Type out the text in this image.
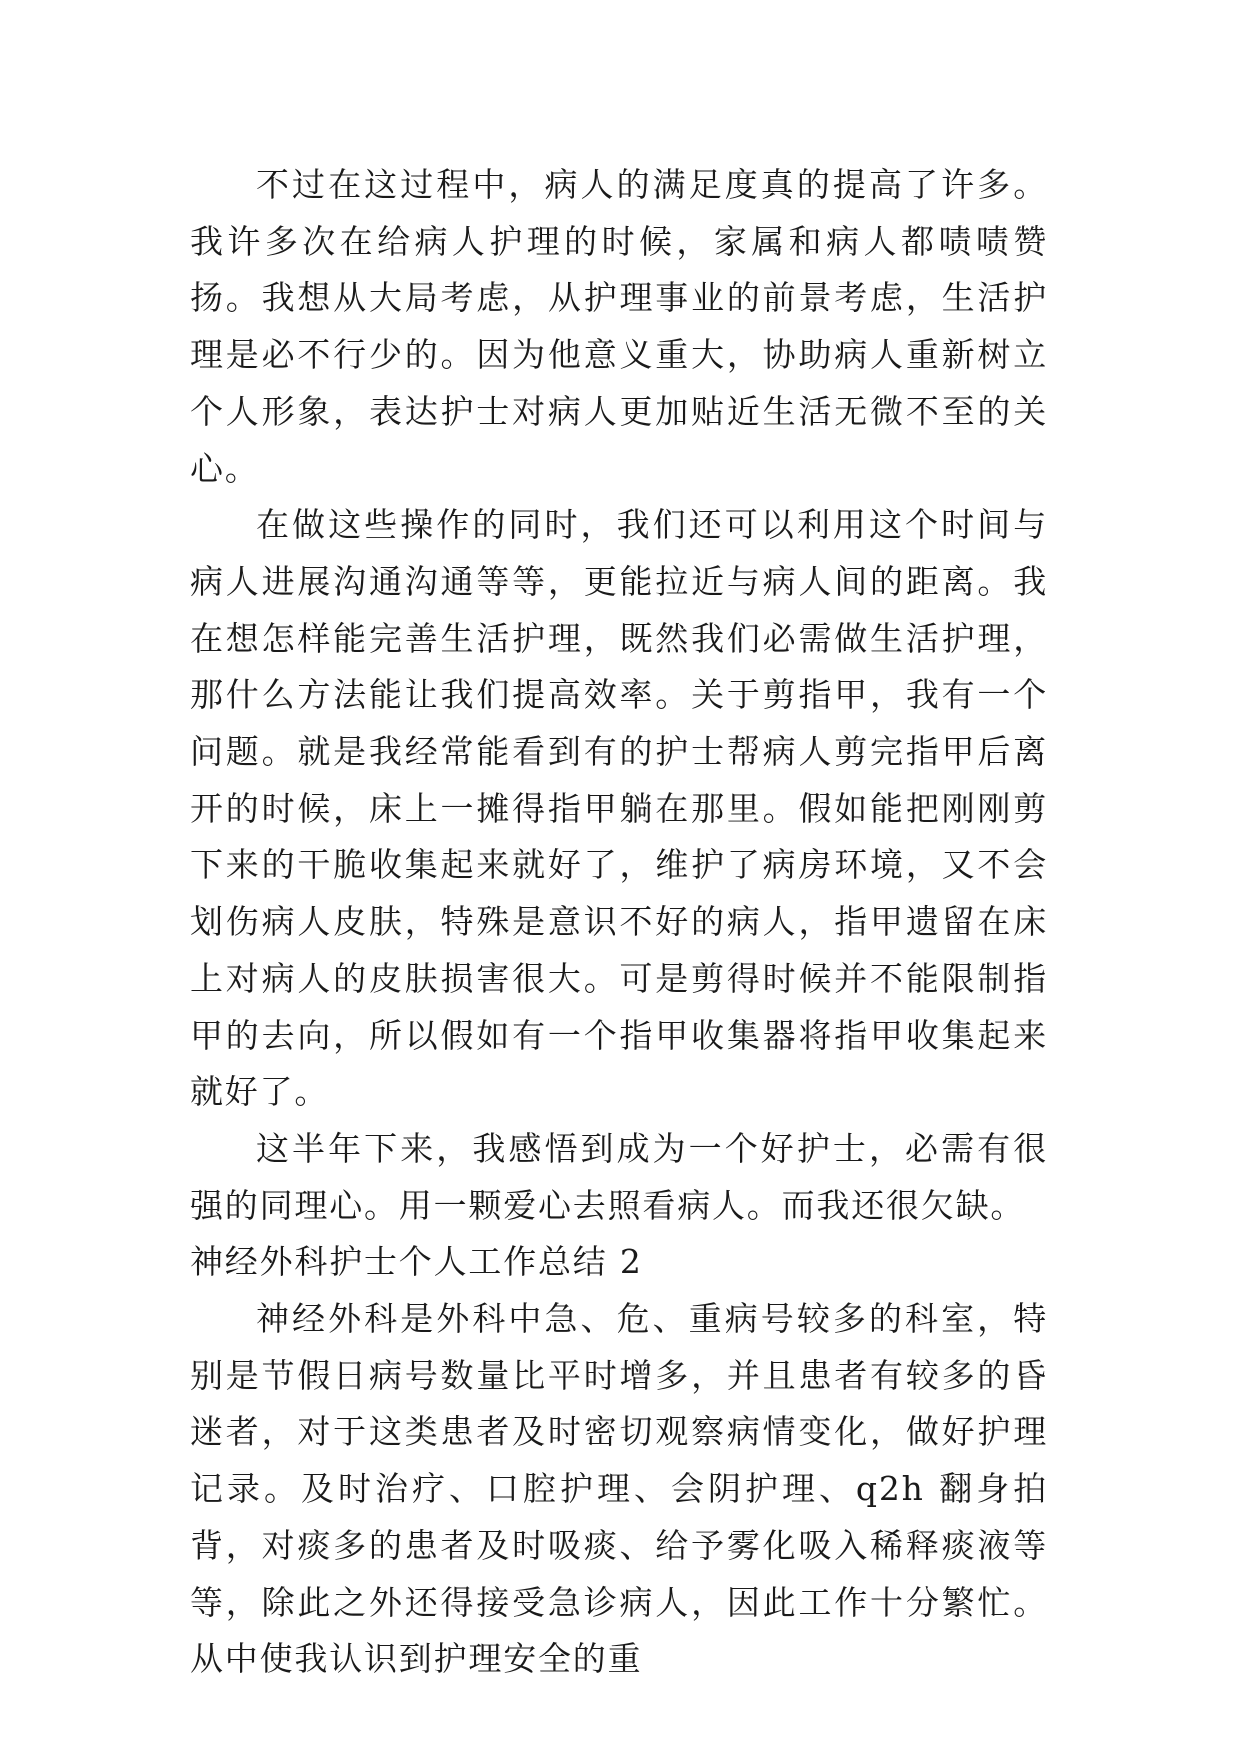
不过在这过程中，病人的满足度真的提高了许多。我许多次在给病人护理的时候，家属和病人都啧啧赞扬。我想从大局考虑，从护理事业的前景考虑，生活护理是必不行少的。因为他意义重大，协助病人重新树立个人形象，表达护士对病人更加贴近生活无微不至的关心。

在做这些操作的同时，我们还可以利用这个时间与病人进展沟通沟通等等，更能拉近与病人间的距离。我在想怎样能完善生活护理，既然我们必需做生活护理，那什么方法能让我们提高效率。关于剪指甲，我有一个问题。就是我经常能看到有的护士帮病人剪完指甲后离开的时候，床上一摊得指甲躺在那里。假如能把刚刚剪下来的干脆收集起来就好了，维护了病房环境，又不会划伤病人皮肤，特殊是意识不好的病人，指甲遗留在床上对病人的皮肤损害很大。可是剪得时候并不能限制指甲的去向，所以假如有一个指甲收集器将指甲收集起来就好了。

这半年下来，我感悟到成为一个好护士，必需有很强的同理心。用一颗爱心去照看病人。而我还很欠缺。

神经外科护士个人工作总结 2

神经外科是外科中急、危、重病号较多的科室，特别是节假日病号数量比平时增多，并且患者有较多的昏迷者，对于这类患者及时密切观察病情变化，做好护理记录。及时治疗、口腔护理、会阴护理、q2h 翻身拍背，对痰多的患者及时吸痰、给予雾化吸入稀释痰液等等，除此之外还得接受急诊病人，因此工作十分繁忙。从中使我认识到护理安全的重
